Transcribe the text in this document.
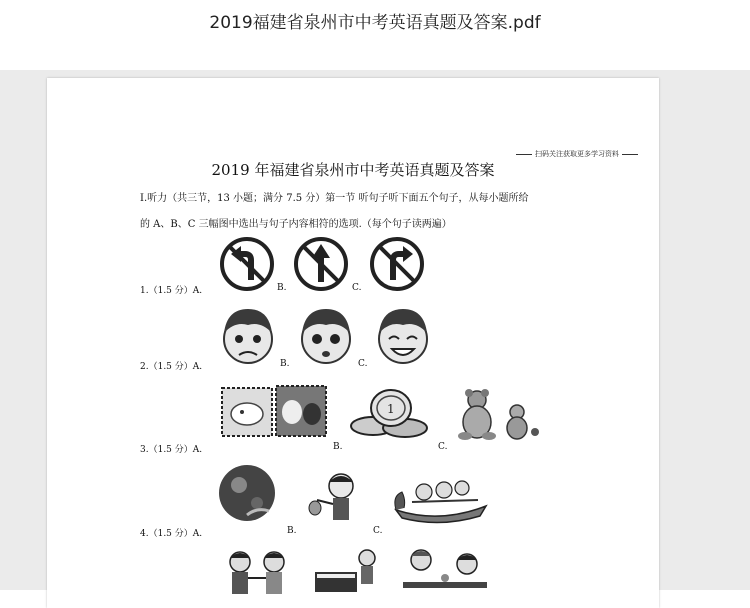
2019福建省泉州市中考英语真题及答案.pdf
扫码关注获取更多学习资料
2019 年福建省泉州市中考英语真题及答案
Ⅰ.听力（共三节，13 小题；满分 7.5 分）第一节 听句子听下面五个句子，从每小题所给
的 A、B、C 三幅图中选出与句子内容相符的选项.（每个句子读两遍）
1.（1.5 分）A.	B.	C.
2.（1.5 分）A.	B.	C.
3.（1.5 分）A.	B.
1
C.
4.（1.5 分）A.	B.	C.
